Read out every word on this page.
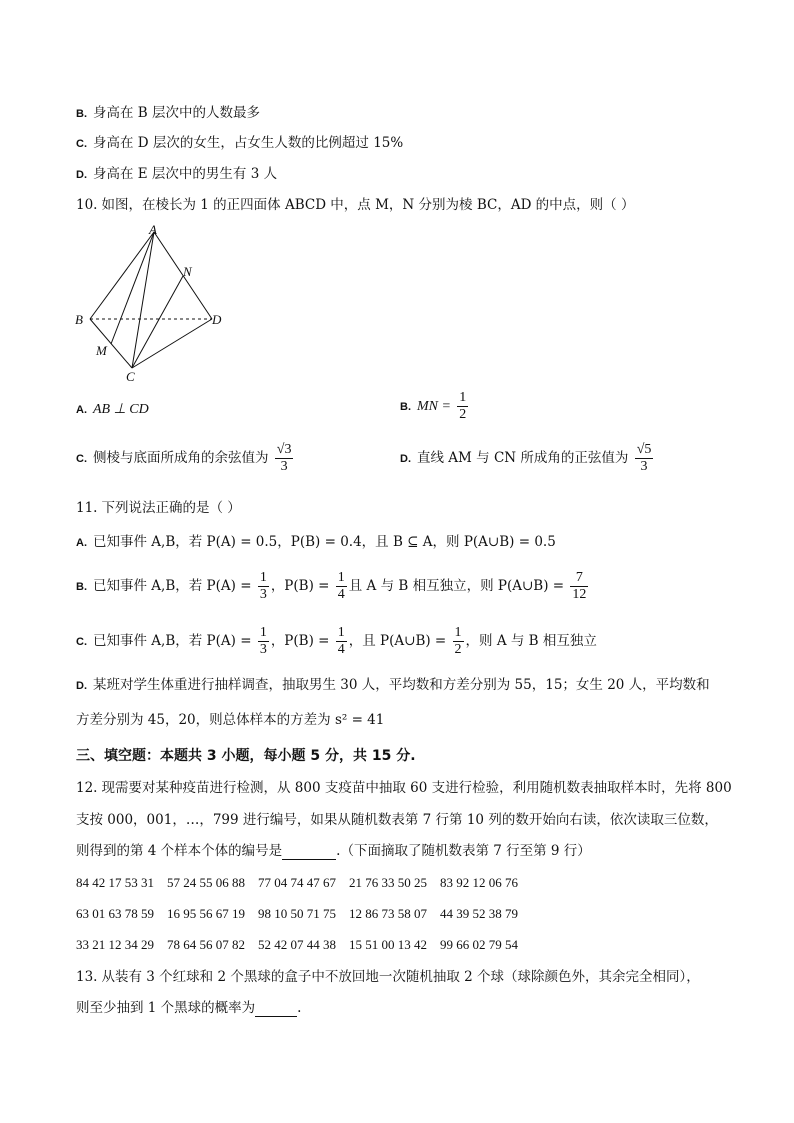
B. 身高在 B 层次中的人数最多
C. 身高在 D 层次的女生，占女生人数的比例超过 15%
D. 身高在 E 层次中的男生有 3 人
10. 如图，在棱长为 1 的正四面体 ABCD 中，点 M，N 分别为棱 BC，AD 的中点，则（ ）
A
N
B	D
M
C
A. AB ⊥ CD	B. MN = $\frac{1}{2}$
C. 侧棱与底面所成角的余弦值为 $\frac{√3}{3}$	D. 直线 AM 与 CN 所成角的正弦值为 $\frac{√5}{3}$
11. 下列说法正确的是（ ）
A. 已知事件 A,B，若 P(A) = 0.5，P(B) = 0.4，且 B ⊆ A，则 P(A∪B) = 0.5
B. 已知事件 A,B，若 $P(A) = \frac{1}{3}$ ，$P(B) = \frac{1}{4}$ 且 A 与 B 相互独立，则 P(A∪B) = $\frac{7}{12}$
C. 已知事件 A,B，若 $P(A) = \frac{1}{3}$ ，$P(B) = \frac{1}{4}$ ，且 P(A∪B) = $\frac{1}{2}$ ，则 A 与 B 相互独立
D. 某班对学生体重进行抽样调查，抽取男生 30 人，平均数和方差分别为 55，15；女生 20 人，平均数和
方差分别为 45，20，则总体样本的方差为 s² = 41
三、填空题：本题共 3 小题，每小题 5 分，共 15 分.
12. 现需要对某种疫苗进行检测，从 800 支疫苗中抽取 60 支进行检验，利用随机数表抽取样本时，先将 800
支按 000，001，…，799 进行编号，如果从随机数表第 7 行第 10 列的数开始向右读，依次读取三位数，
则得到的第 4 个样本个体的编号是	.（下面摘取了随机数表第 7 行至第 9 行）
84 42 17 53 31    57 24 55 06 88    77 04 74 47 67    21 76 33 50 25    83 92 12 06 76
63 01 63 78 59    16 95 56 67 19    98 10 50 71 75    12 86 73 58 07    44 39 52 38 79
33 21 12 34 29    78 64 56 07 82    52 42 07 44 38    15 51 00 13 42    99 66 02 79 54
13. 从装有 3 个红球和 2 个黑球的盒子中不放回地一次随机抽取 2 个球（球除颜色外，其余完全相同），
则至少抽到 1 个黑球的概率为	.
